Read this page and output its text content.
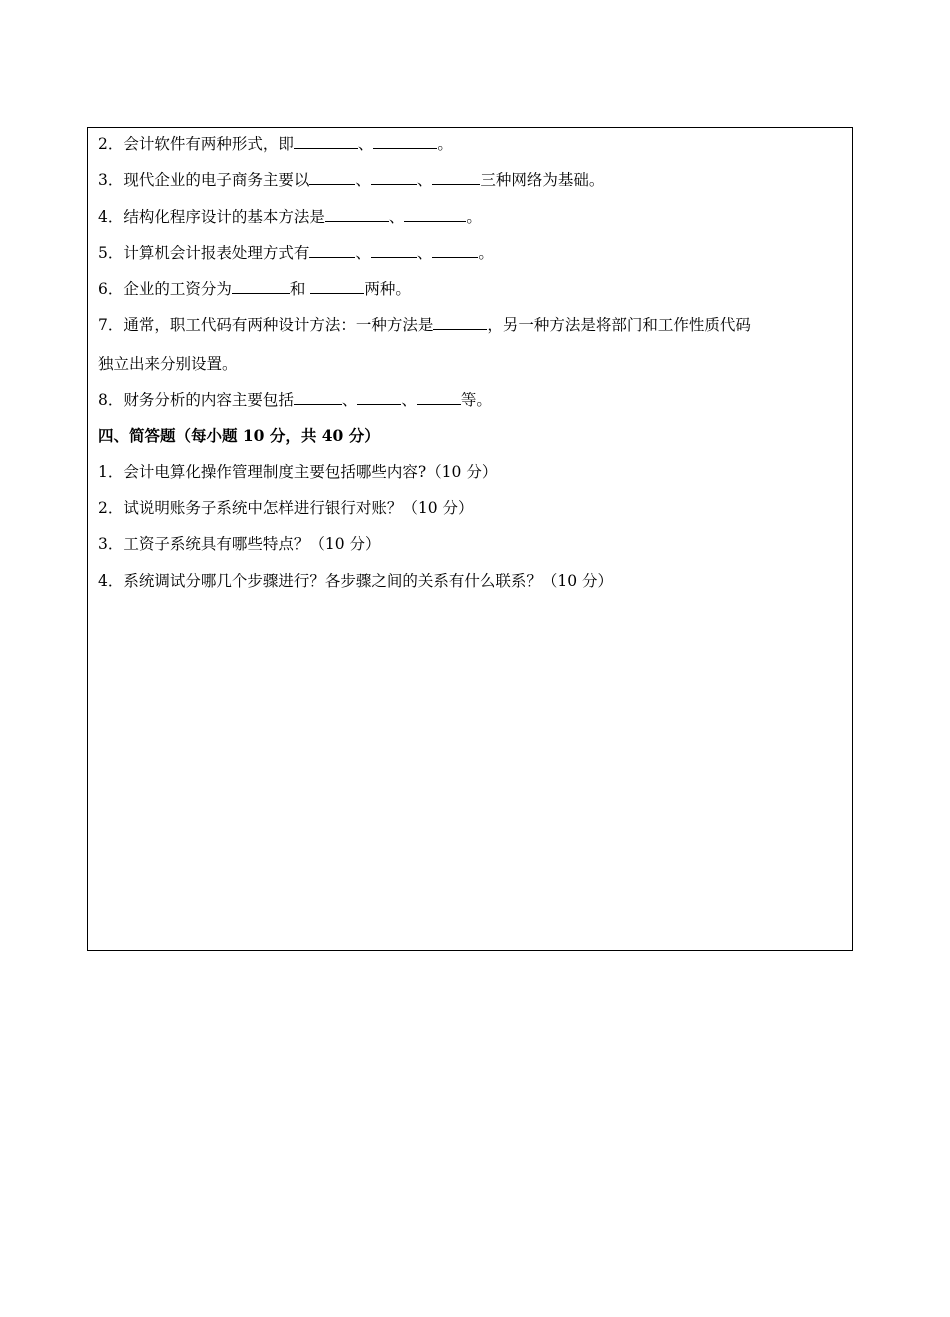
2．会计软件有两种形式，即	、	。
3．现代企业的电子商务主要以	、	、	三种网络为基础。
4．结构化程序设计的基本方法是	、	。
5．计算机会计报表处理方式有	、	、	。
6．企业的工资分为	和	两种。
7．通常，职工代码有两种设计方法：一种方法是	，另一种方法是将部门和工作性质代码
独立出来分别设置。
8．财务分析的内容主要包括	、	、	等。
四、简答题（每小题 10 分，共 40 分）
1．会计电算化操作管理制度主要包括哪些内容?（10 分）
2．试说明账务子系统中怎样进行银行对账？（10 分）
3．工资子系统具有哪些特点？（10 分）
4．系统调试分哪几个步骤进行？各步骤之间的关系有什么联系？（10 分）
